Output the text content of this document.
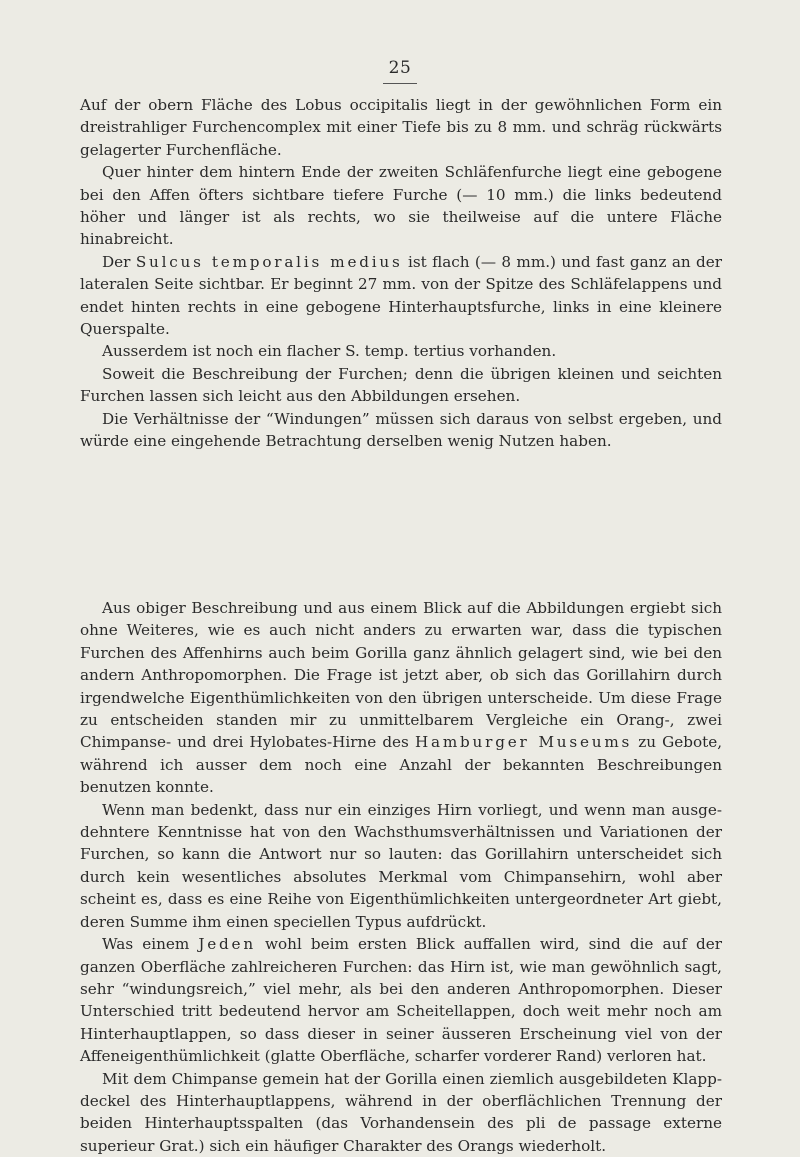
25

Auf der obern Fläche des Lobus occipitalis liegt in der gewöhnlichen Form ein dreistrahliger Furchencomplex mit einer Tiefe bis zu 8 mm. und schräg rückwärts gelagerter Furchenfläche.

Quer hinter dem hintern Ende der zweiten Schläfenfurche liegt eine gebogene bei den Affen öfters sichtbare tiefere Furche (— 10 mm.) die links bedeutend höher und länger ist als rechts, wo sie theilweise auf die untere Fläche hinabreicht.

Der Sulcus temporalis medius ist flach (— 8 mm.) und fast ganz an der lateralen Seite sichtbar. Er beginnt 27 mm. von der Spitze des Schläfelappens und endet hinten rechts in eine gebogene Hinterhauptsfurche, links in eine kleinere Querspalte.

Ausserdem ist noch ein flacher S. temp. tertius vorhanden.

Soweit die Beschreibung der Furchen; denn die übrigen kleinen und seichten Furchen lassen sich leicht aus den Abbildungen ersehen.

Die Verhältnisse der “Windungen” müssen sich daraus von selbst ergeben, und würde eine eingehende Betrachtung derselben wenig Nutzen haben.

Aus obiger Beschreibung und aus einem Blick auf die Abbildungen ergiebt sich ohne Weiteres, wie es auch nicht anders zu erwarten war, dass die typischen Furchen des Affenhirns auch beim Gorilla ganz ähnlich gelagert sind, wie bei den andern Anthropomorphen. Die Frage ist jetzt aber, ob sich das Gorillahirn durch irgendwelche Eigenthümlichkeiten von den übrigen unterscheide. Um diese Frage zu entscheiden standen mir zu unmittelbarem Vergleiche ein Orang-, zwei Chimpanse- und drei Hylobates-Hirne des Hamburger Museums zu Gebote, während ich ausser dem noch eine Anzahl der bekannten Beschreibungen benutzen konnte.

Wenn man bedenkt, dass nur ein einziges Hirn vorliegt, und wenn man ausgedehntere Kenntnisse hat von den Wachsthumsverhältnissen und Variationen der Furchen, so kann die Antwort nur so lauten: das Gorillahirn unterscheidet sich durch kein wesentliches absolutes Merkmal vom Chimpansehirn, wohl aber scheint es, dass es eine Reihe von Eigenthümlichkeiten untergeordneter Art giebt, deren Summe ihm einen speciellen Typus aufdrückt.

Was einem Jeden wohl beim ersten Blick auffallen wird, sind die auf der ganzen Oberfläche zahlreicheren Furchen: das Hirn ist, wie man gewöhnlich sagt, sehr “windungsreich,” viel mehr, als bei den anderen Anthropomorphen. Dieser Unterschied tritt bedeutend hervor am Scheitellappen, doch weit mehr noch am Hinterhauptlappen, so dass dieser in seiner äusseren Erscheinung viel von der Affeneigenthümlichkeit (glatte Oberfläche, scharfer vorderer Rand) verloren hat.

Mit dem Chimpanse gemein hat der Gorilla einen ziemlich ausgebildeten Klappdeckel des Hinterhauptlappens, während in der oberflächlichen Trennung der beiden Hinterhauptsspalten (das Vorhandensein des pli de passage externe superieur Grat.) sich ein häufiger Charakter des Orangs wiederholt.
